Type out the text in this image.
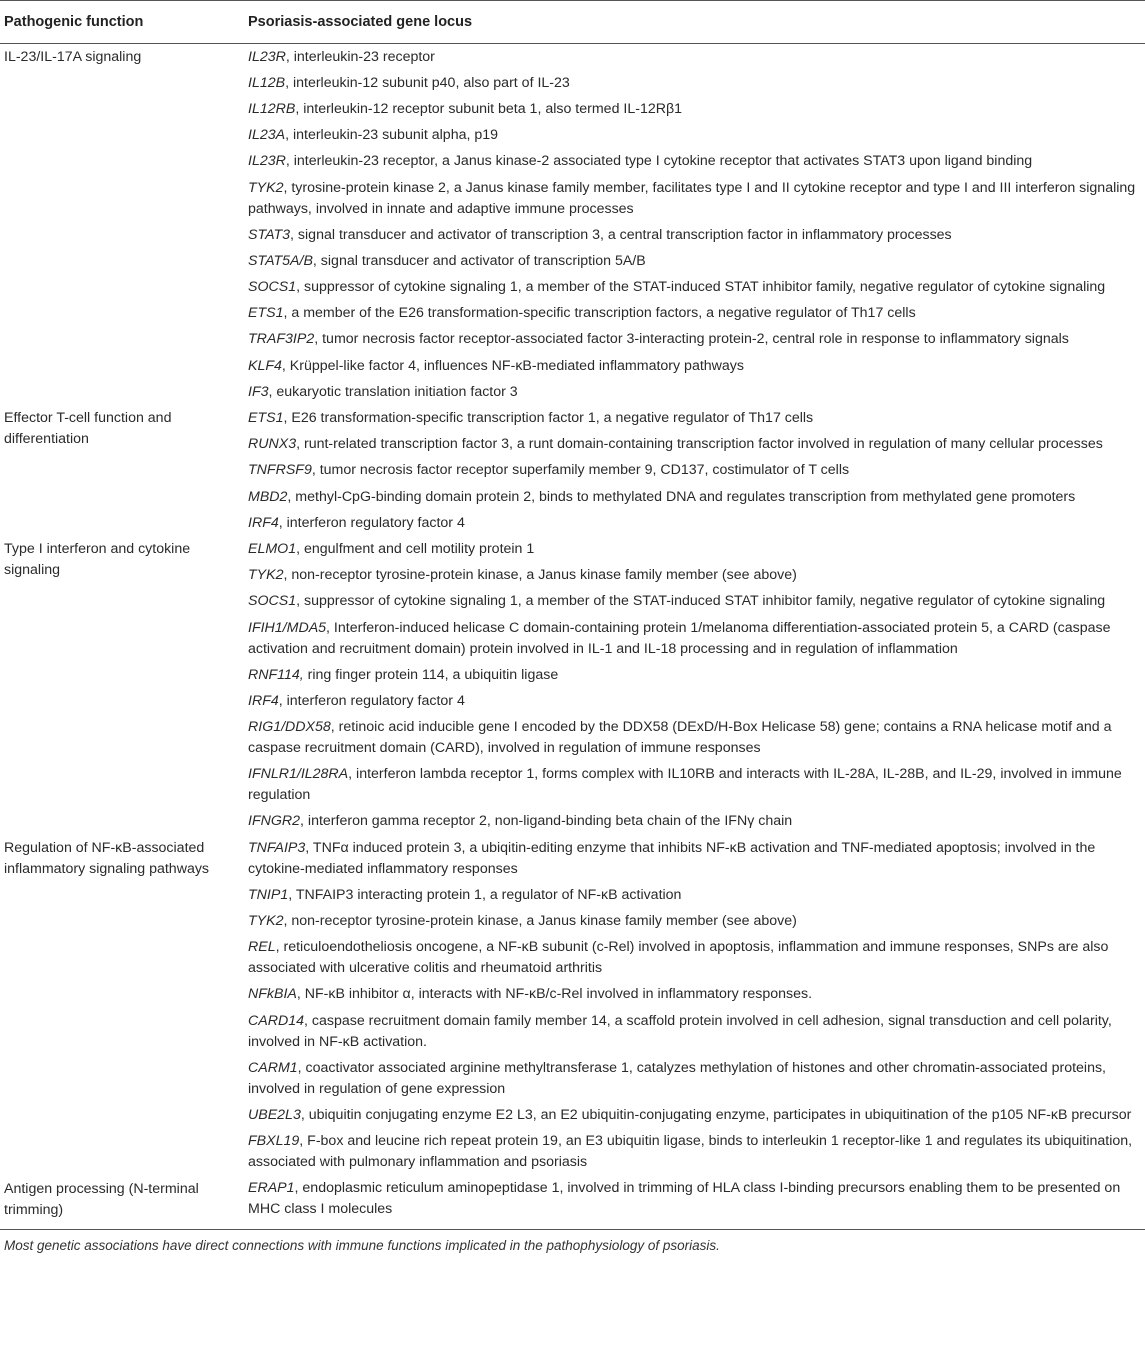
Pathogenic function	Psoriasis-associated gene locus
IL-23/IL-17A signaling	IL23R, interleukin-23 receptor
IL12B, interleukin-12 subunit p40, also part of IL-23
IL12RB, interleukin-12 receptor subunit beta 1, also termed IL-12Rβ1
IL23A, interleukin-23 subunit alpha, p19
IL23R, interleukin-23 receptor, a Janus kinase-2 associated type I cytokine receptor that activates STAT3 upon ligand binding
TYK2, tyrosine-protein kinase 2, a Janus kinase family member, facilitates type I and II cytokine receptor and type I and III interferon signaling pathways, involved in innate and adaptive immune processes
STAT3, signal transducer and activator of transcription 3, a central transcription factor in inflammatory processes
STAT5A/B, signal transducer and activator of transcription 5A/B
SOCS1, suppressor of cytokine signaling 1, a member of the STAT-induced STAT inhibitor family, negative regulator of cytokine signaling
ETS1, a member of the E26 transformation-specific transcription factors, a negative regulator of Th17 cells
TRAF3IP2, tumor necrosis factor receptor-associated factor 3-interacting protein-2, central role in response to inflammatory signals
KLF4, Krüppel-like factor 4, influences NF-κB-mediated inflammatory pathways
IF3, eukaryotic translation initiation factor 3
Effector T-cell function and differentiation
ETS1, E26 transformation-specific transcription factor 1, a negative regulator of Th17 cells
RUNX3, runt-related transcription factor 3, a runt domain-containing transcription factor involved in regulation of many cellular processes
TNFRSF9, tumor necrosis factor receptor superfamily member 9, CD137, costimulator of T cells
MBD2, methyl-CpG-binding domain protein 2, binds to methylated DNA and regulates transcription from methylated gene promoters
IRF4, interferon regulatory factor 4
Type I interferon and cytokine signaling
ELMO1, engulfment and cell motility protein 1
TYK2, non-receptor tyrosine-protein kinase, a Janus kinase family member (see above)
SOCS1, suppressor of cytokine signaling 1, a member of the STAT-induced STAT inhibitor family, negative regulator of cytokine signaling
IFIH1/MDA5, Interferon-induced helicase C domain-containing protein 1/melanoma differentiation-associated protein 5, a CARD (caspase activation and recruitment domain) protein involved in IL-1 and IL-18 processing and in regulation of inflammation
RNF114, ring finger protein 114, a ubiquitin ligase
IRF4, interferon regulatory factor 4
RIG1/DDX58, retinoic acid inducible gene I encoded by the DDX58 (DExD/H-Box Helicase 58) gene; contains a RNA helicase motif and a caspase recruitment domain (CARD), involved in regulation of immune responses
IFNLR1/IL28RA, interferon lambda receptor 1, forms complex with IL10RB and interacts with IL-28A, IL-28B, and IL-29, involved in immune regulation
IFNGR2, interferon gamma receptor 2, non-ligand-binding beta chain of the IFNγ chain
Regulation of NF-κB-associated inflammatory signaling pathways
TNFAIP3, TNFα induced protein 3, a ubiqitin-editing enzyme that inhibits NF-κB activation and TNF-mediated apoptosis; involved in the cytokine-mediated inflammatory responses
TNIP1, TNFAIP3 interacting protein 1, a regulator of NF-κB activation
TYK2, non-receptor tyrosine-protein kinase, a Janus kinase family member (see above)
REL, reticuloendotheliosis oncogene, a NF-κB subunit (c-Rel) involved in apoptosis, inflammation and immune responses, SNPs are also associated with ulcerative colitis and rheumatoid arthritis
NFkBIA, NF-κB inhibitor α, interacts with NF-κB/c-Rel involved in inflammatory responses.
CARD14, caspase recruitment domain family member 14, a scaffold protein involved in cell adhesion, signal transduction and cell polarity, involved in NF-κB activation.
CARM1, coactivator associated arginine methyltransferase 1, catalyzes methylation of histones and other chromatin-associated proteins, involved in regulation of gene expression
UBE2L3, ubiquitin conjugating enzyme E2 L3, an E2 ubiquitin-conjugating enzyme, participates in ubiquitination of the p105 NF-κB precursor
FBXL19, F-box and leucine rich repeat protein 19, an E3 ubiquitin ligase, binds to interleukin 1 receptor-like 1 and regulates its ubiquitination, associated with pulmonary inflammation and psoriasis
Antigen processing (N-terminal trimming)
ERAP1, endoplasmic reticulum aminopeptidase 1, involved in trimming of HLA class I-binding precursors enabling them to be presented on MHC class I molecules
Most genetic associations have direct connections with immune functions implicated in the pathophysiology of psoriasis.
